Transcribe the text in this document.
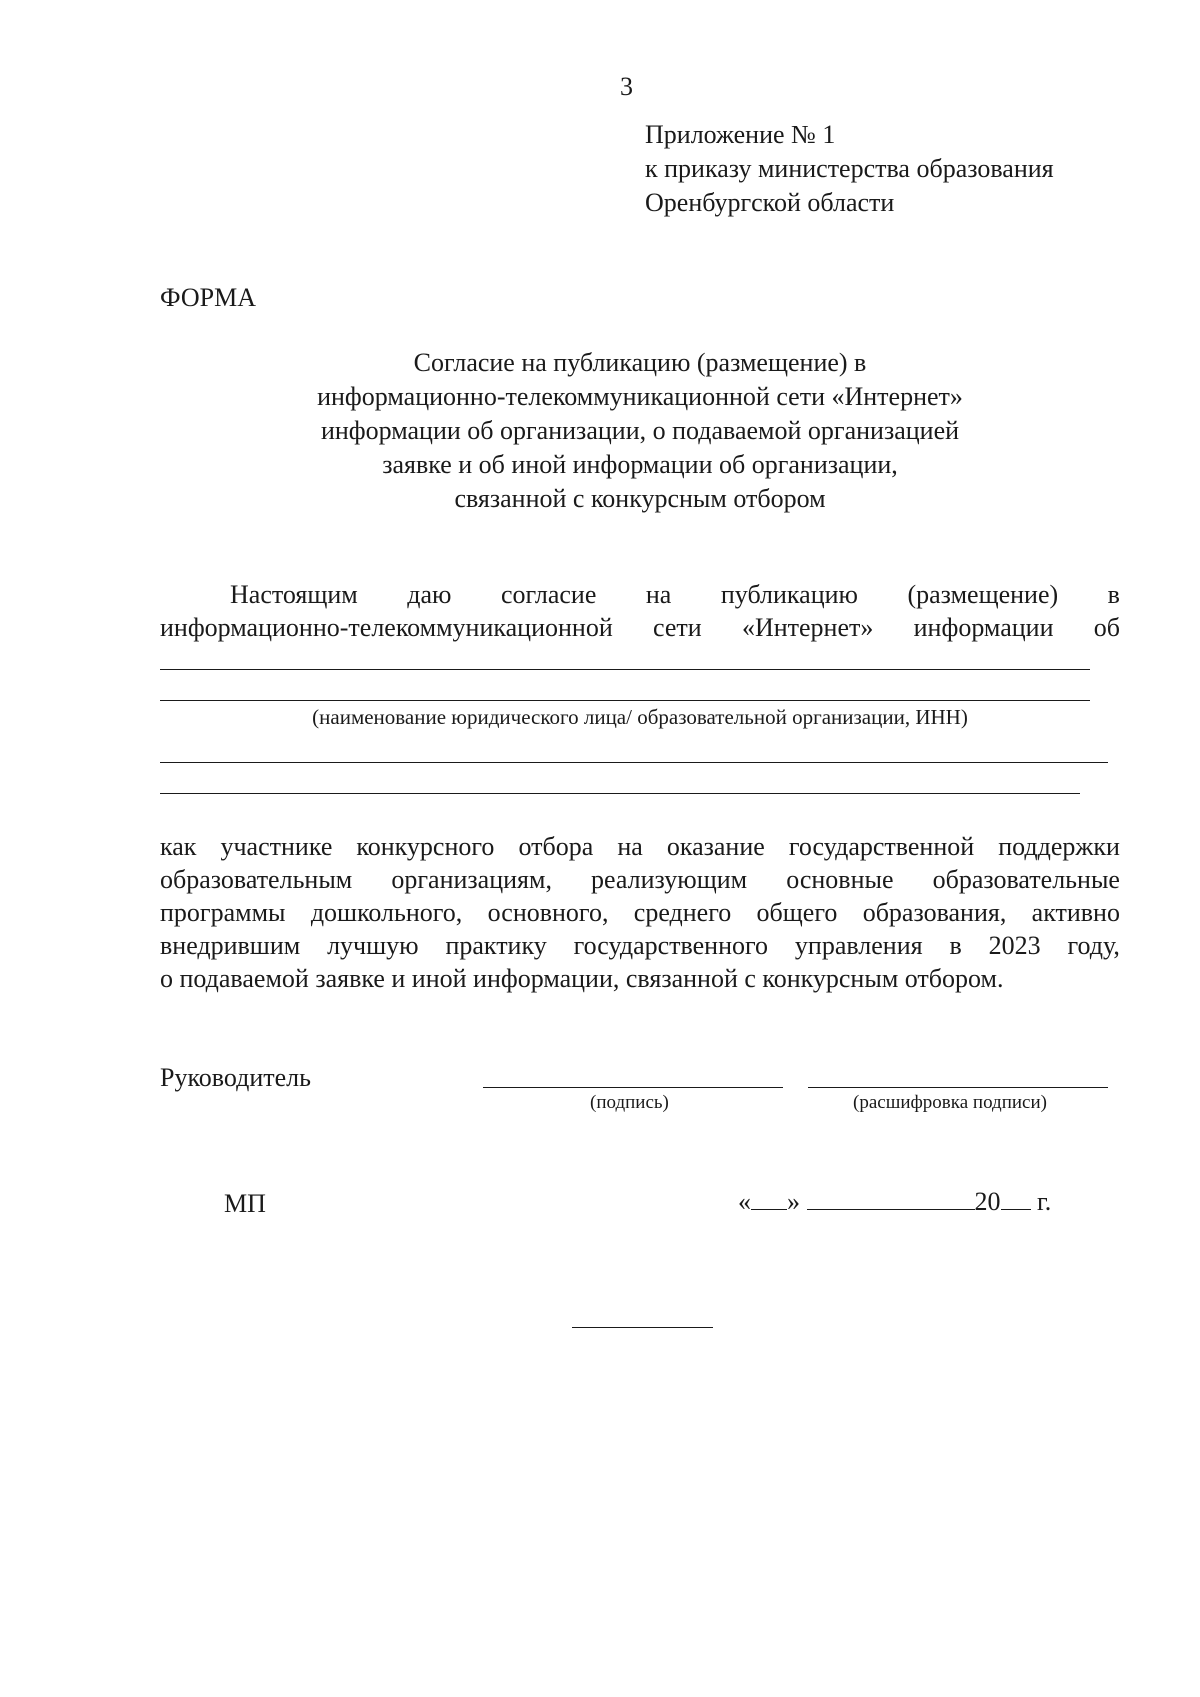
3
Приложение № 1
к приказу министерства образования
Оренбургской области
ФОРМА
Согласие на публикацию (размещение) в
информационно-телекоммуникационной сети «Интернет»
информации об организации, о подаваемой организацией
заявке и об иной информации об организации,
связанной с конкурсным отбором
Настоящим даю согласие на публикацию (размещение) в
информационно-телекоммуникационной сети «Интернет» информации об
(наименование юридического лица/ образовательной организации, ИНН)
как участнике конкурсного отбора на оказание государственной поддержки
образовательным организациям, реализующим основные образовательные
программы дошкольного, основного, среднего общего образования, активно
внедрившим лучшую практику государственного управления в 2023 году,
о подаваемой заявке и иной информации, связанной с конкурсным отбором.
Руководитель
(подпись)	(расшифровка подписи)
МП	« »	20 г.
